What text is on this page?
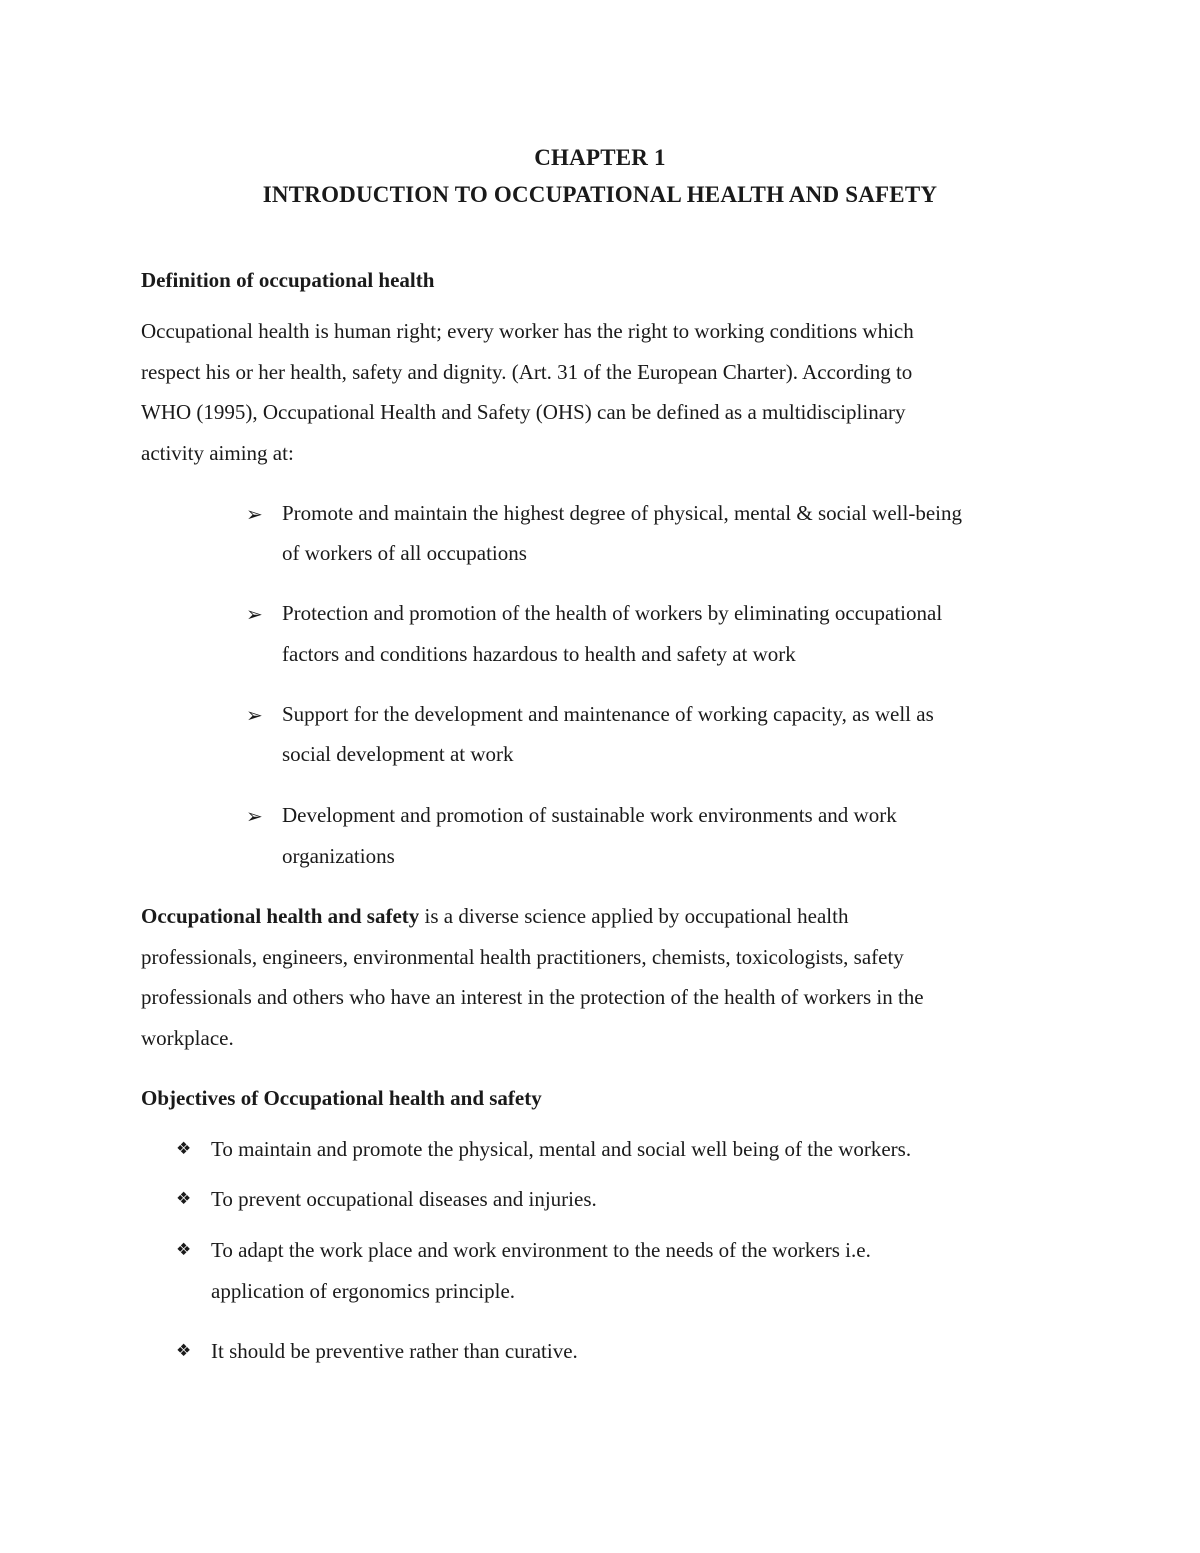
CHAPTER 1
INTRODUCTION TO OCCUPATIONAL HEALTH AND SAFETY
Definition of occupational health
Occupational health is human right; every worker has the right to working conditions which
respect his or her health, safety and dignity. (Art. 31 of the European Charter). According to
WHO (1995), Occupational Health and Safety (OHS) can be defined as a multidisciplinary
activity aiming at:
➢ Promote and maintain the highest degree of physical, mental & social well-being
of workers of all occupations
➢ Protection and promotion of the health of workers by eliminating occupational
factors and conditions hazardous to health and safety at work
➢ Support for the development and maintenance of working capacity, as well as
social development at work
➢ Development and promotion of sustainable work environments and work
organizations
Occupational health and safety is a diverse science applied by occupational health
professionals, engineers, environmental health practitioners, chemists, toxicologists, safety
professionals and others who have an interest in the protection of the health of workers in the
workplace.
Objectives of Occupational health and safety
❖ To maintain and promote the physical, mental and social well being of the workers.
❖ To prevent occupational diseases and injuries.
❖ To adapt the work place and work environment to the needs of the workers i.e.
application of ergonomics principle.
❖ It should be preventive rather than curative.
